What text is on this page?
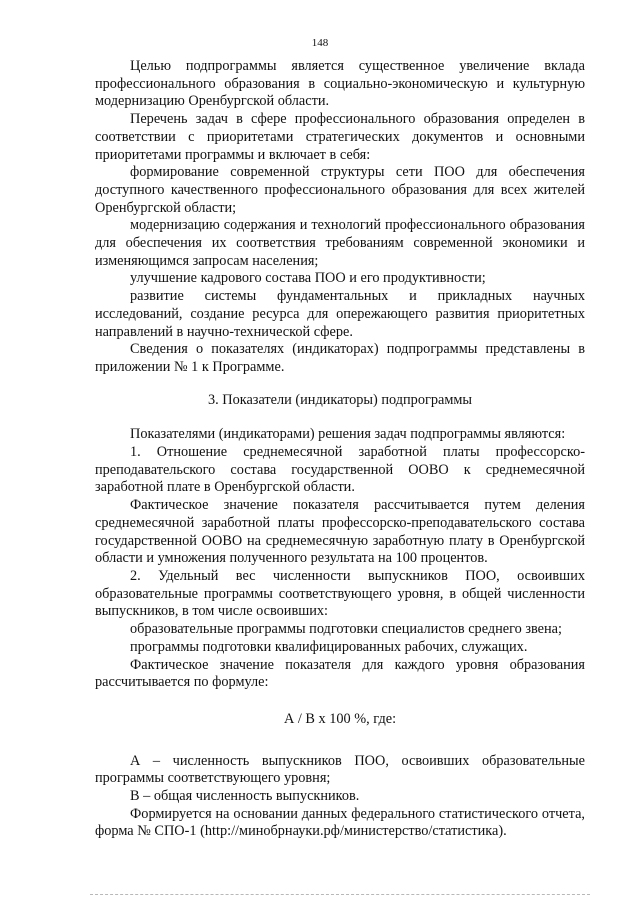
148

Целью подпрограммы является существенное увеличение вклада профессионального образования в социально-экономическую и культурную модернизацию Оренбургской области.

Перечень задач в сфере профессионального образования определен в соответствии с приоритетами стратегических документов и основными приоритетами программы и включает в себя:

формирование современной структуры сети ПОО для обеспечения доступного качественного профессионального образования для всех жителей Оренбургской области;

модернизацию содержания и технологий профессионального образования для обеспечения их соответствия требованиям современной экономики и изменяющимся запросам населения;

улучшение кадрового состава ПОО и его продуктивности;

развитие системы фундаментальных и прикладных научных исследований, создание ресурса для опережающего развития приоритетных направлений в научно-технической сфере.

Сведения о показателях (индикаторах) подпрограммы представлены в приложении № 1 к Программе.

3. Показатели (индикаторы) подпрограммы

Показателями (индикаторами) решения задач подпрограммы являются:

1. Отношение среднемесячной заработной платы профессорско-преподавательского состава государственной ООВО к среднемесячной заработной плате в Оренбургской области.

Фактическое значение показателя рассчитывается путем деления среднемесячной заработной платы профессорско-преподавательского состава государственной ООВО на среднемесячную заработную плату в Оренбургской области и умножения полученного результата на 100 процентов.

2. Удельный вес численности выпускников ПОО, освоивших образовательные программы соответствующего уровня, в общей численности выпускников, в том числе освоивших:

образовательные программы подготовки специалистов среднего звена;

программы подготовки квалифицированных рабочих, служащих.

Фактическое значение показателя для каждого уровня образования рассчитывается по формуле:

А / В х 100 %, где:

А – численность выпускников ПОО, освоивших образовательные программы соответствующего уровня;

В – общая численность выпускников.

Формируется на основании данных федерального статистического отчета, форма № СПО-1 (http://минобрнауки.рф/министерство/статистика).
